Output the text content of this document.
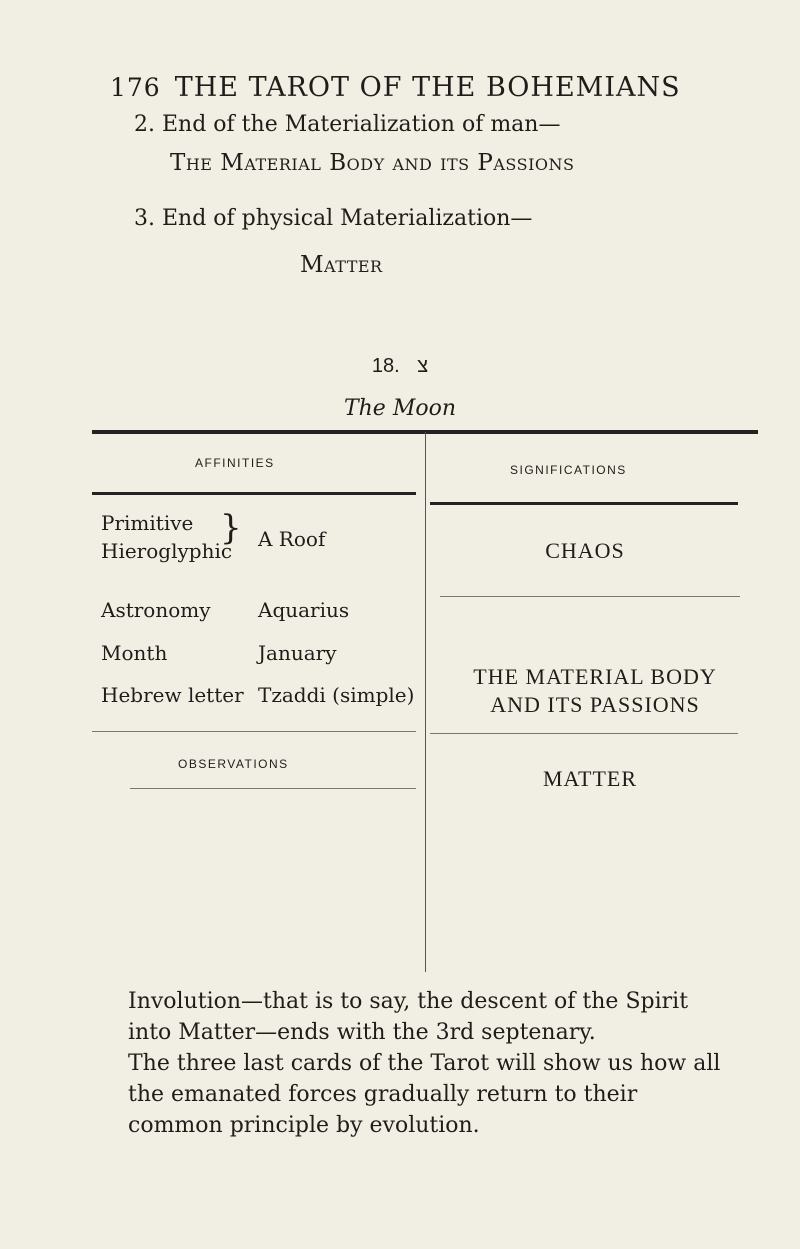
176 THE TAROT OF THE BOHEMIANS
2. End of the Materialization of man—
The Material Body and its Passions
3. End of physical Materialization—
Matter
18. צ
The Moon
AFFINITIES	SIGNIFICATIONS
OBSERVATIONS
Primitive
Hieroglyphic
} A Roof
Astronomy Aquarius
Month	January
Hebrew letter Tzaddi (simple)
CHAOS
THE MATERIAL BODY
AND ITS PASSIONS
MATTER

Involution—that is to say, the descent of the Spirit into Matter—ends with the 3rd septenary.

The three last cards of the Tarot will show us how all the emanated forces gradually return to their common principle by evolution.
